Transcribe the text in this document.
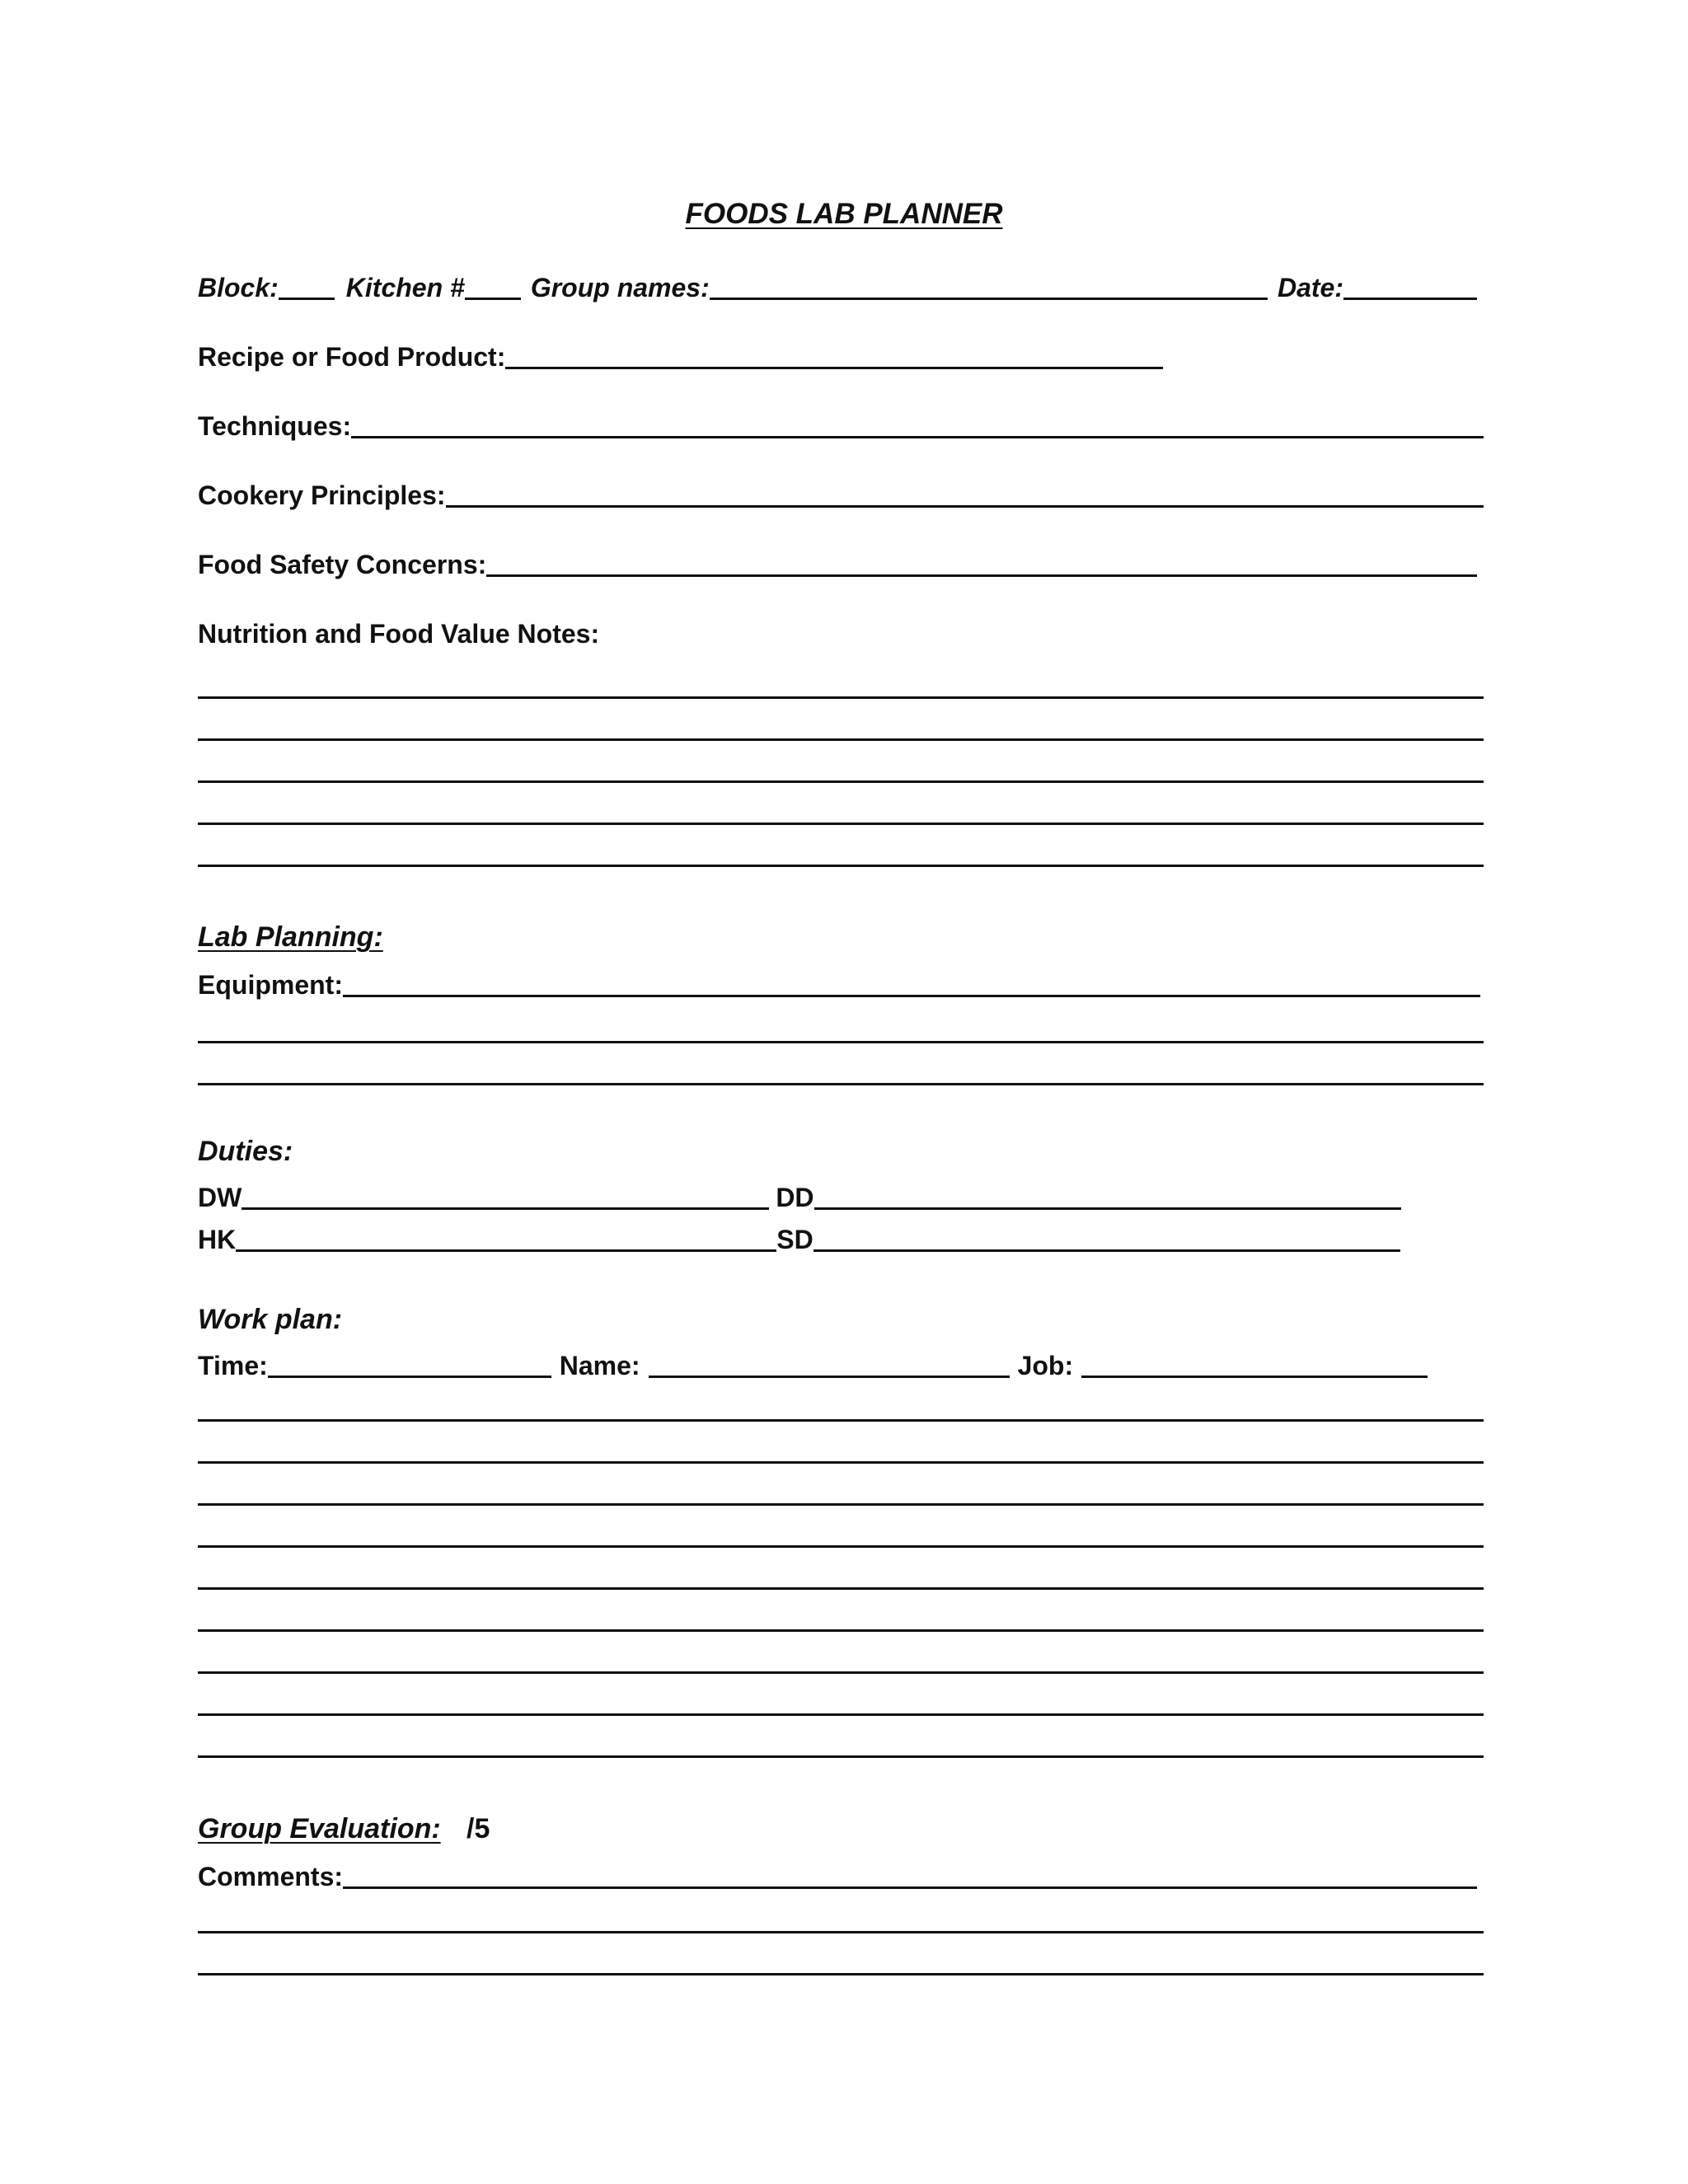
FOODS LAB PLANNER
Block:	Kitchen #	Group names:	Date:
Recipe or Food Product:
Techniques:
Cookery Principles:
Food Safety Concerns:
Nutrition and Food Value Notes:
Lab Planning:
Equipment:
Duties:
DW	DD
HK	SD
Work plan:
Time:	Name:	Job:
Group Evaluation: /5
Comments:
